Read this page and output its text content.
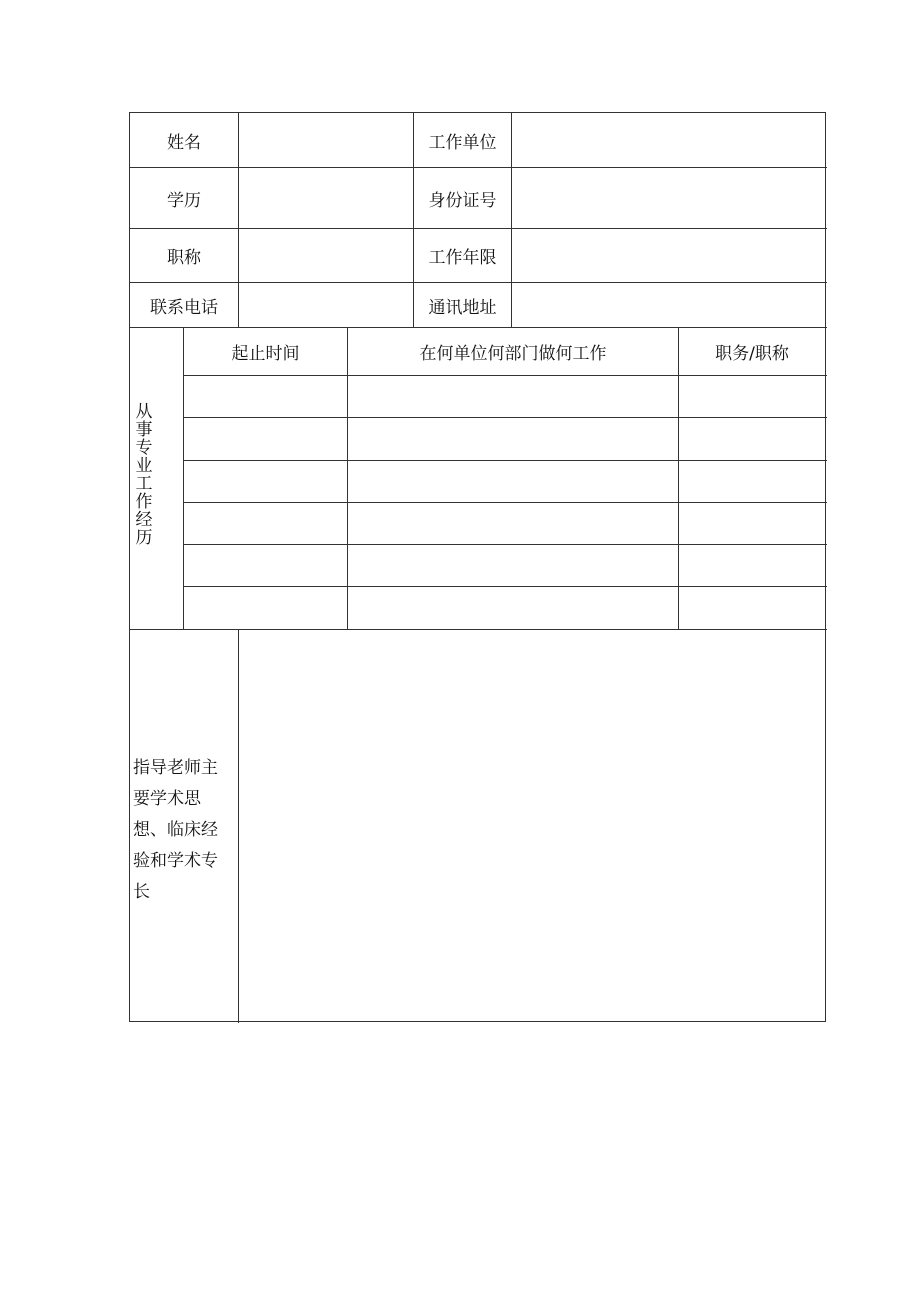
姓名	工作单位
学历	身份证号
职称	工作年限
联系电话	通讯地址
从
事
专
业
工
作
经
历
起止时间	在何单位何部门做何工作	职务/职称
指导老师主
要学术思
想、临床经
验和学术专
长
